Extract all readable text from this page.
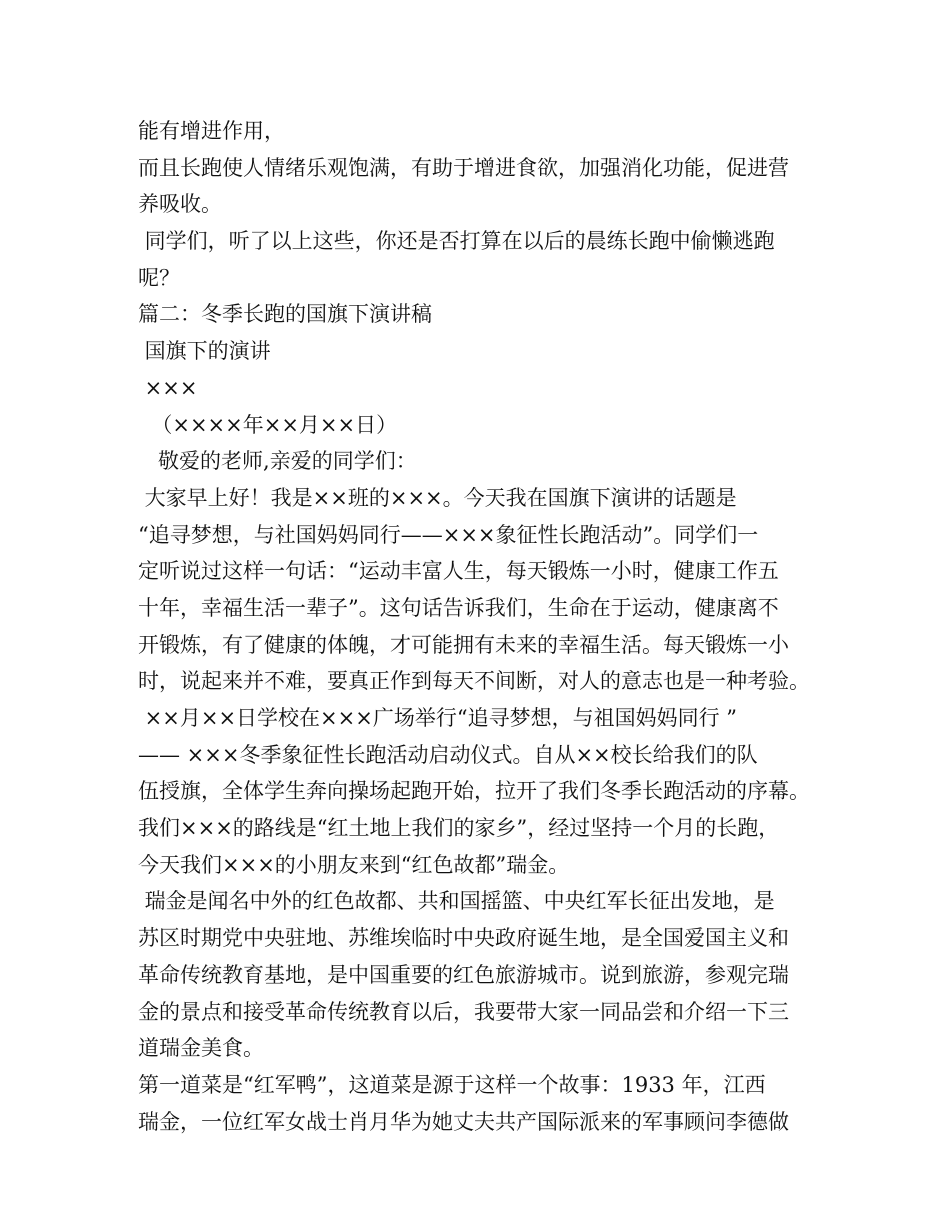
能有增进作用，
而且长跑使人情绪乐观饱满，有助于增进食欲，加强消化功能，促进营
养吸收。
同学们，听了以上这些，你还是否打算在以后的晨练长跑中偷懒逃跑
呢？
篇二：冬季长跑的国旗下演讲稿
国旗下的演讲
×××
（××××年××月××日）
敬爱的老师,亲爱的同学们：
大家早上好！我是××班的×××。今天我在国旗下演讲的话题是
“追寻梦想，与社国妈妈同行——×××象征性长跑活动”。同学们一
定听说过这样一句话：“运动丰富人生，每天锻炼一小时，健康工作五
十年，幸福生活一辈子”。这句话告诉我们，生命在于运动，健康离不
开锻炼，有了健康的体魄，才可能拥有未来的幸福生活。每天锻炼一小
时，说起来并不难，要真正作到每天不间断，对人的意志也是一种考验。
××月××日学校在×××广场举行“追寻梦想，与祖国妈妈同行 ”
—— ×××冬季象征性长跑活动启动仪式。自从××校长给我们的队
伍授旗，全体学生奔向操场起跑开始，拉开了我们冬季长跑活动的序幕。
我们×××的路线是“红土地上我们的家乡”，经过坚持一个月的长跑，
今天我们×××的小朋友来到“红色故都”瑞金。
瑞金是闻名中外的红色故都、共和国摇篮、中央红军长征出发地，是
苏区时期党中央驻地、苏维埃临时中央政府诞生地，是全国爱国主义和
革命传统教育基地，是中国重要的红色旅游城市。说到旅游，参观完瑞
金的景点和接受革命传统教育以后，我要带大家一同品尝和介绍一下三
道瑞金美食。
第一道菜是“红军鸭”，这道菜是源于这样一个故事：1933 年，江西
瑞金，一位红军女战士肖月华为她丈夫共产国际派来的军事顾问李德做
